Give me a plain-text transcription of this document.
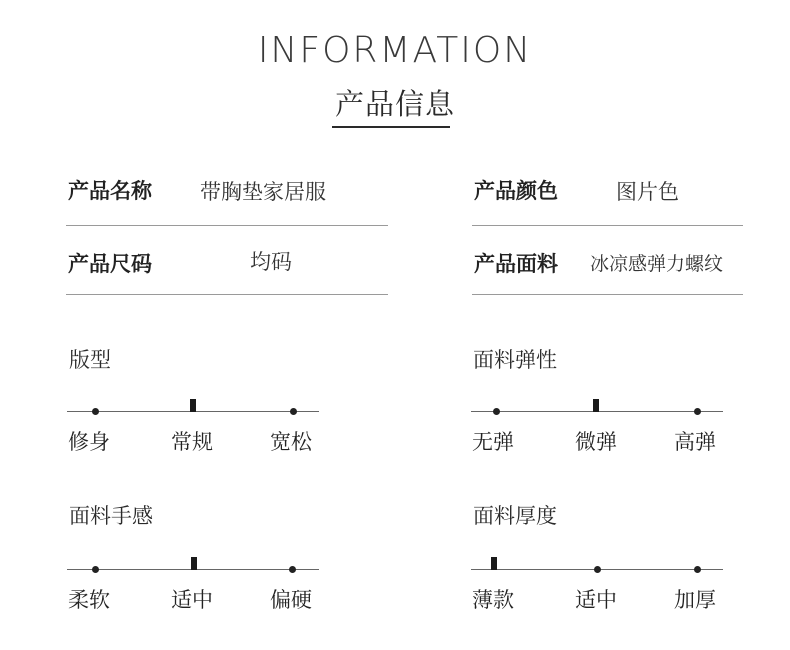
INFORMATION
产品信息
产品名称 带胸垫家居服
产品尺码	均码
产品颜色	图片色
产品面料 冰凉感弹力螺纹
版型
修身	常规	宽松
面料弹性
无弹	微弹	高弹
面料手感
柔软	适中	偏硬
面料厚度
薄款	适中	加厚
